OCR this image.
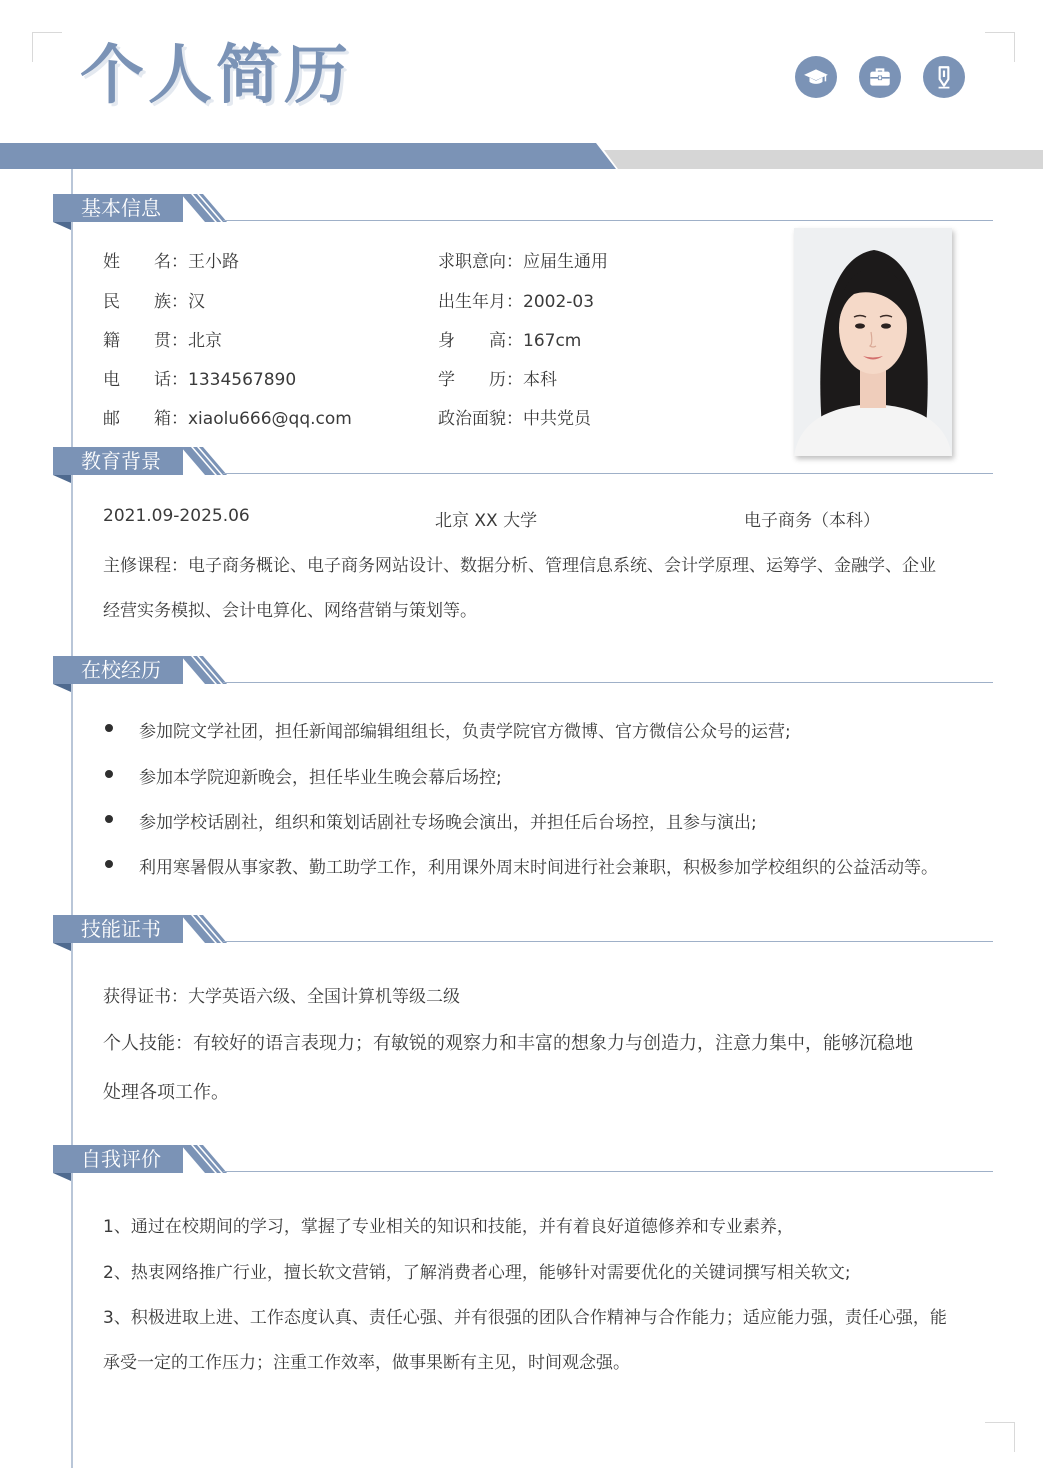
个人简历
基本信息
姓　　名：王小路
民　　族：汉
籍　　贯：北京
电　　话：1334567890
邮　　箱：xiaolu666@qq.com
求职意向：应届生通用
出生年月：2002-03
身　　高：167cm
学　　历：本科
政治面貌：中共党员
教育背景
2021.09-2025.06	北京 XX 大学	电子商务（本科）
主修课程：电子商务概论、电子商务网站设计、数据分析、管理信息系统、会计学原理、运筹学、金融学、企业
经营实务模拟、会计电算化、网络营销与策划等。
在校经历
参加院文学社团，担任新闻部编辑组组长，负责学院官方微博、官方微信公众号的运营;
参加本学院迎新晚会，担任毕业生晚会幕后场控;
参加学校话剧社，组织和策划话剧社专场晚会演出，并担任后台场控，且参与演出;
利用寒暑假从事家教、勤工助学工作，利用课外周末时间进行社会兼职，积极参加学校组织的公益活动等。
技能证书
获得证书：大学英语六级、全国计算机等级二级
个人技能：有较好的语言表现力；有敏锐的观察力和丰富的想象力与创造力，注意力集中，能够沉稳地
处理各项工作。
自我评价
1、通过在校期间的学习，掌握了专业相关的知识和技能，并有着良好道德修养和专业素养，
2、热衷网络推广行业，擅长软文营销，了解消费者心理，能够针对需要优化的关键词撰写相关软文;
3、积极进取上进、工作态度认真、责任心强、并有很强的团队合作精神与合作能力；适应能力强，责任心强，能
承受一定的工作压力；注重工作效率，做事果断有主见，时间观念强。
